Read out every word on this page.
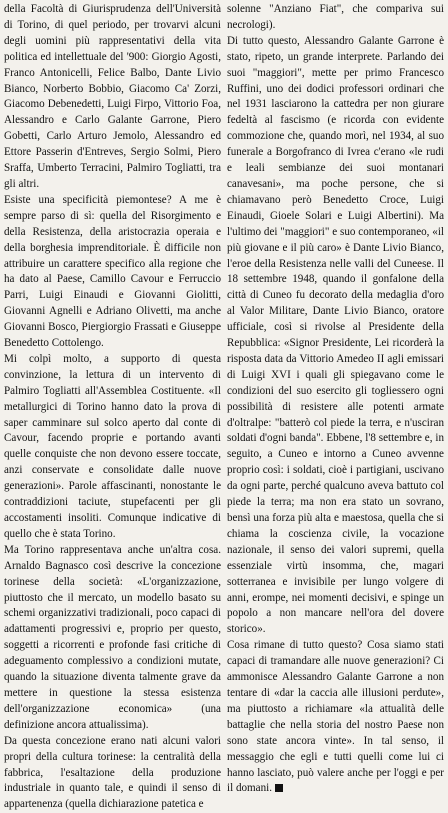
della Facoltà di Giurisprudenza dell'Università di Torino, di quel periodo, per trovarvi alcuni degli uomini più rappresentativi della vita politica ed intellettuale del '900: Giorgio Agosti, Franco Antonicelli, Felice Balbo, Dante Livio Bianco, Norberto Bobbio, Giacomo Ca' Zorzi, Giacomo Debenedetti, Luigi Firpo, Vittorio Foa, Alessandro e Carlo Galante Garrone, Piero Gobetti, Carlo Arturo Jemolo, Alessandro ed Ettore Passerin d'Entreves, Sergio Solmi, Piero Sraffa, Umberto Terracini, Palmiro Togliatti, tra gli altri.

Esiste una specificità piemontese? A me è sempre parso di sì: quella del Risorgimento e della Resistenza, della aristocrazia operaia e della borghesia imprenditoriale. È difficile non attribuire un carattere specifico alla regione che ha dato al Paese, Camillo Cavour e Ferruccio Parri, Luigi Einaudi e Giovanni Giolitti, Giovanni Agnelli e Adriano Olivetti, ma anche Giovanni Bosco, Piergiorgio Frassati e Giuseppe Benedetto Cottolengo.

Mi colpì molto, a supporto di questa convinzione, la lettura di un intervento di Palmiro Togliatti all'Assemblea Costituente. «Il metallurgici di Torino hanno dato la prova di saper camminare sul solco aperto dal conte di Cavour, facendo proprie e portando avanti quelle conquiste che non devono essere toccate, anzi conservate e consolidate dalle nuove generazioni». Parole affascinanti, nonostante le contraddizioni taciute, stupefacenti per gli accostamenti insoliti. Comunque indicative di quello che è stata Torino.

Ma Torino rappresentava anche un'altra cosa. Arnaldo Bagnasco così descrive la concezione torinese della società: «L'organizzazione, piuttosto che il mercato, un modello basato su schemi organizzativi tradizionali, poco capaci di adattamenti progressivi e, proprio per questo, soggetti a ricorrenti e profonde fasi critiche di adeguamento complessivo a condizioni mutate, quando la situazione diventa talmente grave da mettere in questione la stessa esistenza dell'organizzazione economica» (una definizione ancora attualissima).

Da questa concezione erano nati alcuni valori propri della cultura torinese: la centralità della fabbrica, l'esaltazione della produzione industriale in quanto tale, e quindi il senso di appartenenza (quella dichiarazione patetica e

solenne "Anziano Fiat", che compariva sui necrologi).

Di tutto questo, Alessandro Galante Garrone è stato, ripeto, un grande interprete. Parlando dei suoi "maggiori", mette per primo Francesco Ruffini, uno dei dodici professori ordinari che nel 1931 lasciarono la cattedra per non giurare fedeltà al fascismo (e ricorda con evidente commozione che, quando morì, nel 1934, al suo funerale a Borgofranco di Ivrea c'erano «le rudi e leali sembianze dei suoi montanari canavesani», ma poche persone, che si chiamavano però Benedetto Croce, Luigi Einaudi, Gioele Solari e Luigi Albertini). Ma l'ultimo dei "maggiori" e suo contemporaneo, «il più giovane e il più caro» è Dante Livio Bianco, l'eroe della Resistenza nelle valli del Cuneese. Il 18 settembre 1948, quando il gonfalone della città di Cuneo fu decorato della medaglia d'oro al Valor Militare, Dante Livio Bianco, oratore ufficiale, così si rivolse al Presidente della Repubblica: «Signor Presidente, Lei ricorderà la risposta data da Vittorio Amedeo II agli emissari di Luigi XVI i quali gli spiegavano come le condizioni del suo esercito gli togliessero ogni possibilità di resistere alle potenti armate d'oltralpe: "batterò col piede la terra, e n'usciran soldati d'ogni banda". Ebbene, l'8 settembre e, in seguito, a Cuneo e intorno a Cuneo avvenne proprio così: i soldati, cioè i partigiani, uscivano da ogni parte, perché qualcuno aveva battuto col piede la terra; ma non era stato un sovrano, bensì una forza più alta e maestosa, quella che si chiama la coscienza civile, la vocazione nazionale, il senso dei valori supremi, quella essenziale virtù insomma, che, magari sotterranea e invisibile per lungo volgere di anni, erompe, nei momenti decisivi, e spinge un popolo a non mancare nell'ora del dovere storico».

Cosa rimane di tutto questo? Cosa siamo stati capaci di tramandare alle nuove generazioni? Ci ammonisce Alessandro Galante Garrone a non tentare di «dar la caccia alle illusioni perdute», ma piuttosto a richiamare «la attualità delle battaglie che nella storia del nostro Paese non sono state ancora vinte». In tal senso, il messaggio che egli e tutti quelli come lui ci hanno lasciato, può valere anche per l'oggi e per il domani.
